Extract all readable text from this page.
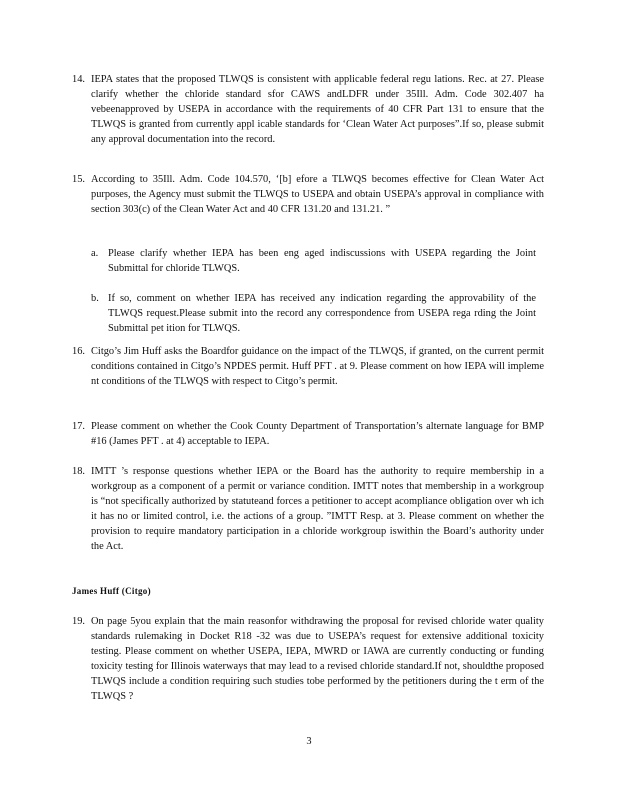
14. IEPA states that the proposed TLWQS is consistent with applicable federal regu lations. Rec. at 27. Please clarify whether the chloride standard sfor CAWS andLDFR under 35Ill. Adm. Code 302.407 ha vebeenapproved by USEPA in accordance with the requirements of 40 CFR Part 131 to ensure that the TLWQS is granted from currently appl icable standards for ‘Clean Water Act purposes”.If so, please submit any approval documentation into the record.
15. According to 35Ill. Adm. Code 104.570, ‘[b] efore a TLWQS becomes effective for Clean Water Act purposes, the Agency must submit the TLWQS to USEPA and obtain USEPA’s approval in compliance with section 303(c) of the Clean Water Act and 40 CFR 131.20 and 131.21. ”
a. Please clarify whether IEPA has been eng aged indiscussions with USEPA regarding the Joint Submittal for chloride TLWQS.
b. If so, comment on whether IEPA has received any indication regarding the approvability of the TLWQS request.Please submit into the record any correspondence from USEPA rega rding the Joint Submittal pet ition for TLWQS.
16. Citgo’s Jim Huff asks the Boardfor guidance on the impact of the TLWQS, if granted, on the current permit conditions contained in Citgo’s NPDES permit. Huff PFT . at 9. Please comment on how IEPA will impleme nt conditions of the TLWQS with respect to Citgo’s permit.
17. Please comment on whether the Cook County Department of Transportation’s alternate language for BMP #16 (James PFT . at 4) acceptable to IEPA.
18. IMTT ’s response questions whether IEPA or the Board has the authority to require membership in a workgroup as a component of a permit or variance condition. IMTT notes that membership in a workgroup is “not specifically authorized by statuteand forces a petitioner to accept acompliance obligation over wh ich it has no or limited control, i.e. the actions of a group. ”IMTT Resp. at 3. Please comment on whether the provision to require mandatory participation in a chloride workgroup iswithin the Board’s authority under the Act.
James Huff (Citgo)
19. On page 5you explain that the main reasonfor withdrawing the proposal for revised chloride water quality standards rulemaking in Docket R18 -32 was due to USEPA’s request for extensive additional toxicity testing. Please comment on whether USEPA, IEPA, MWRD or IAWA are currently conducting or funding toxicity testing for Illinois waterways that may lead to a revised chloride standard.If not, shouldthe proposed TLWQS include a condition requiring such studies tobe performed by the petitioners during the t erm of the TLWQS ?
3
